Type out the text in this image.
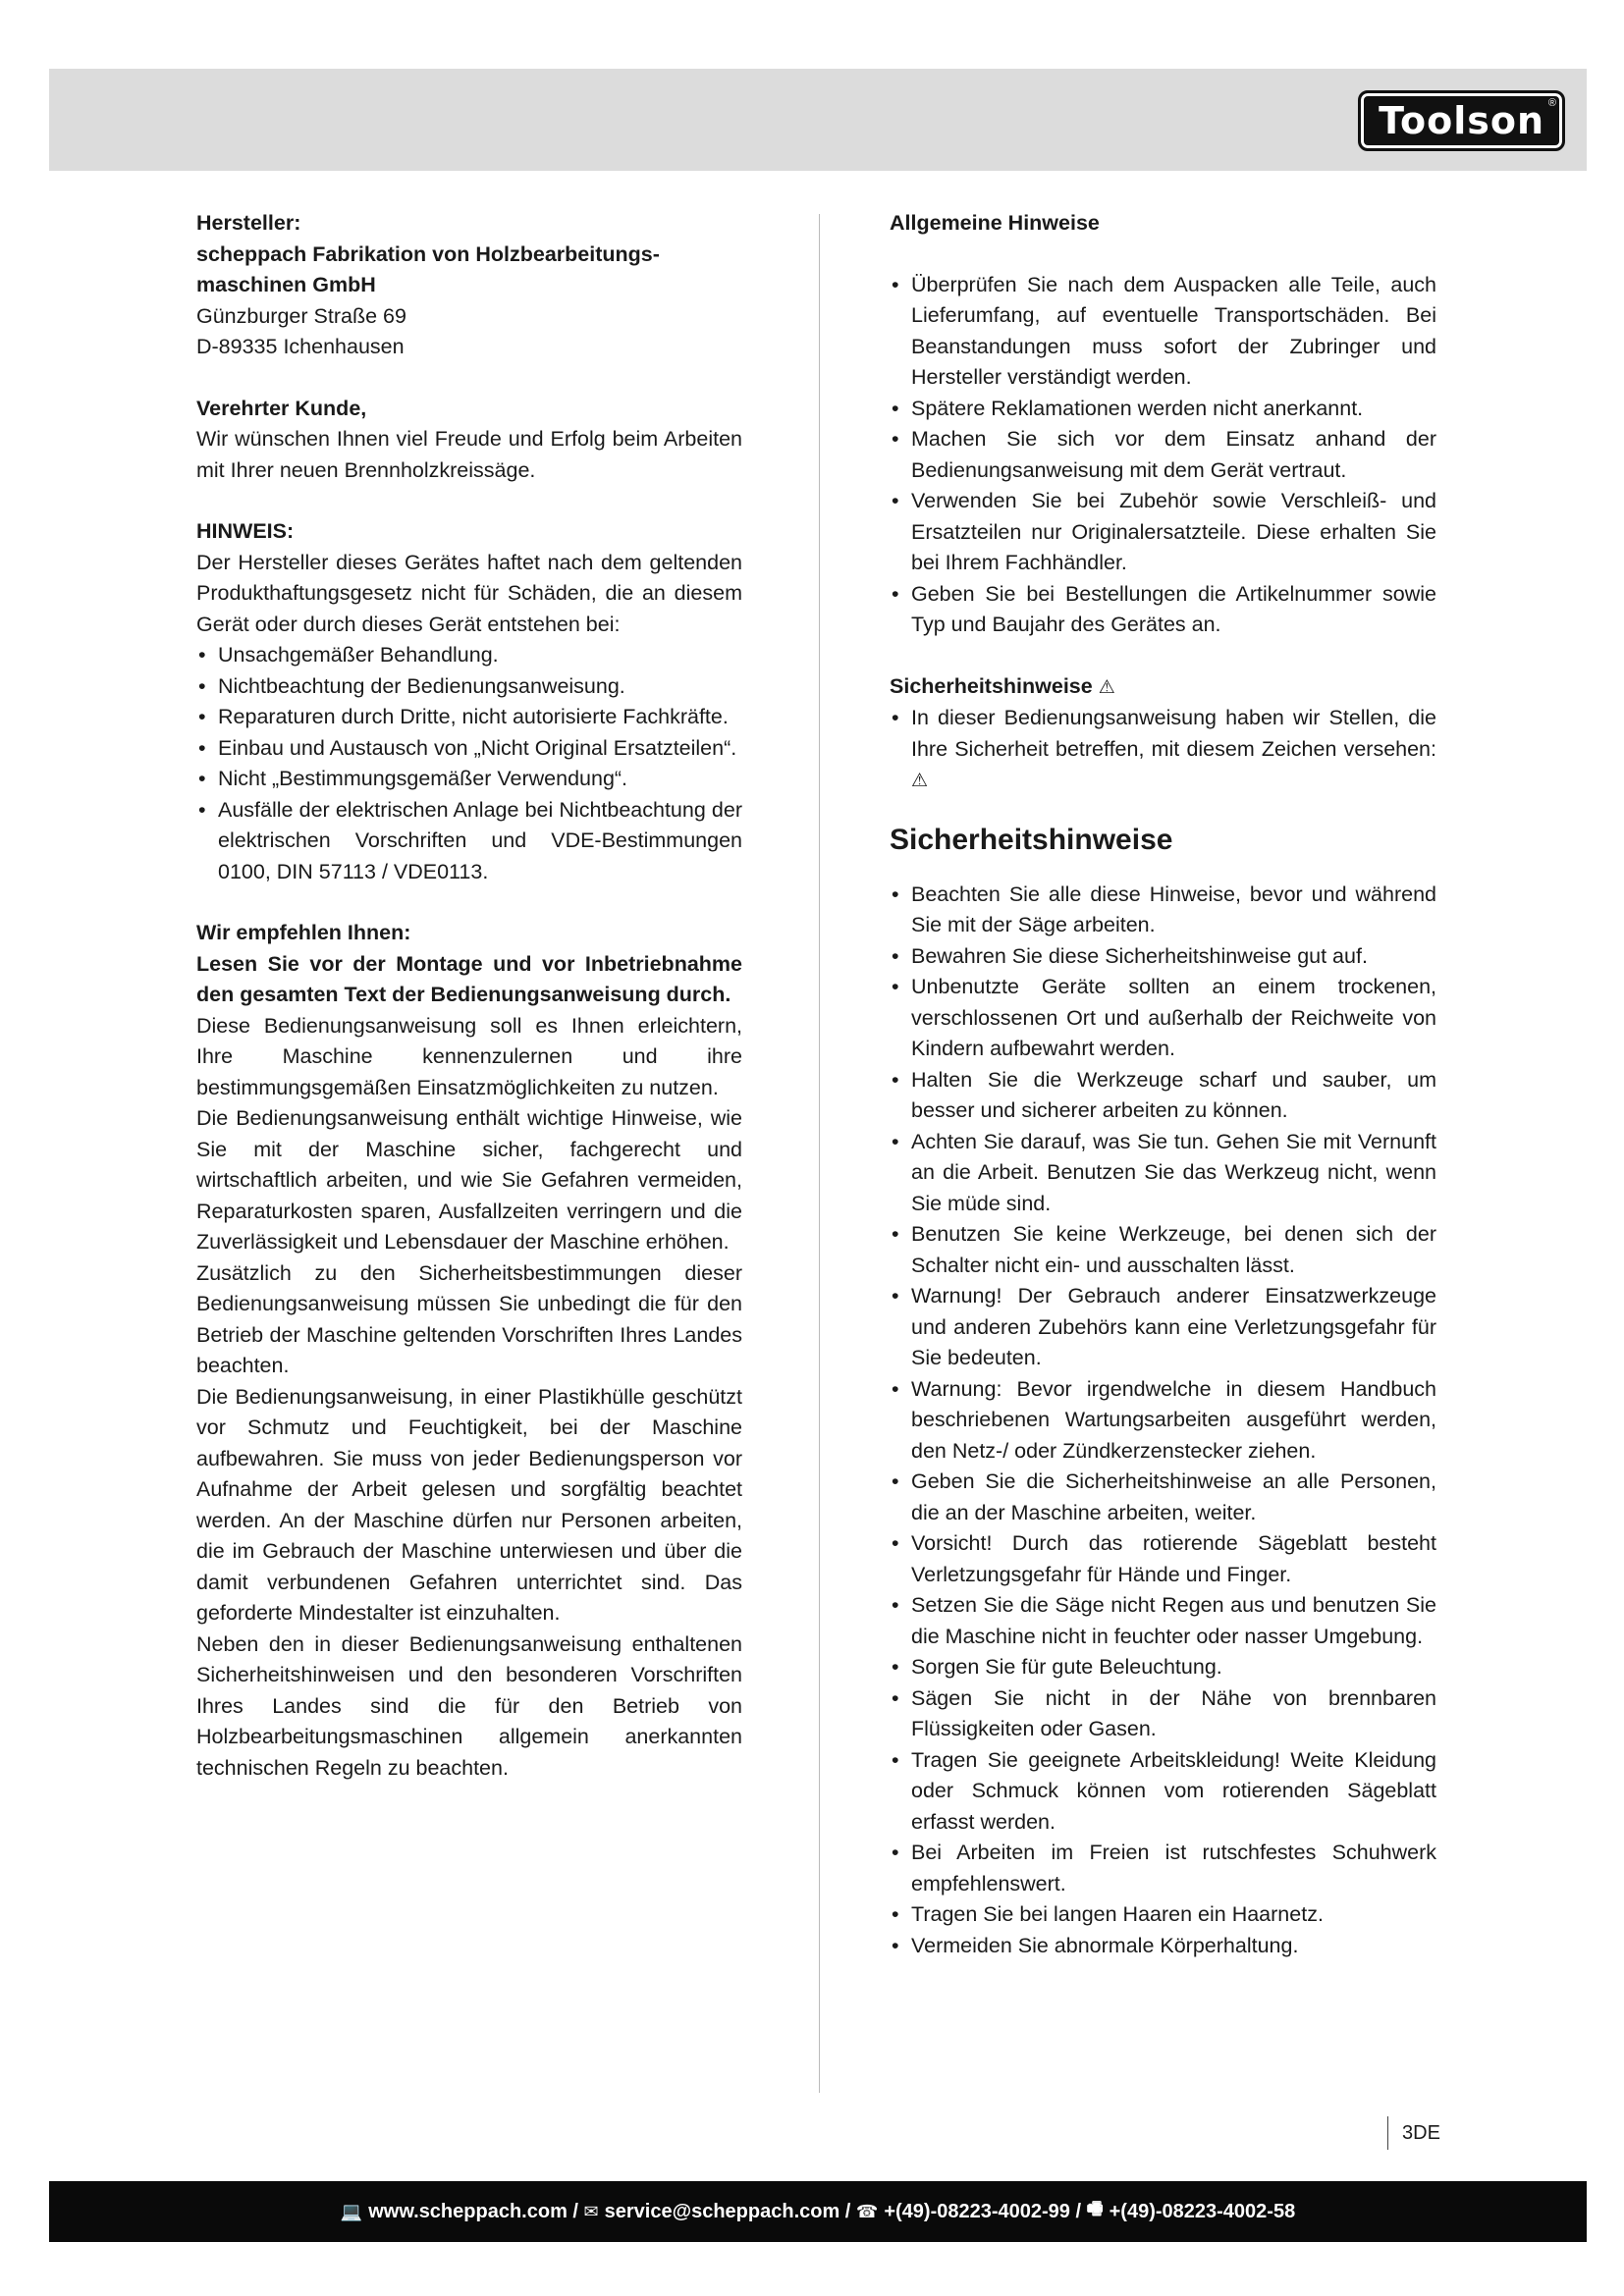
Toolson ®

Hersteller:

scheppach Fabrikation von Holzbearbeitungs-

maschinen GmbH

Günzburger Straße 69

D-89335 Ichenhausen

Verehrter Kunde,

Wir wünschen Ihnen viel Freude und Erfolg beim Arbeiten mit Ihrer neuen Brennholzkreissäge.

HINWEIS:

Der Hersteller dieses Gerätes haftet nach dem geltenden Produkthaftungsgesetz nicht für Schäden, die an diesem Gerät oder durch dieses Gerät entstehen bei:

• Unsachgemäßer Behandlung.
• Nichtbeachtung der Bedienungsanweisung.
• Reparaturen durch Dritte, nicht autorisierte Fachkräfte.
• Einbau und Austausch von „Nicht Original Ersatzteilen“.
• Nicht „Bestimmungsgemäßer Verwendung“.
• Ausfälle der elektrischen Anlage bei Nichtbeachtung der elektrischen Vorschriften und VDE-Bestimmungen 0100, DIN 57113 / VDE0113.

Wir empfehlen Ihnen:

Lesen Sie vor der Montage und vor Inbetriebnahme den gesamten Text der Bedienungsanweisung durch.

Diese Bedienungsanweisung soll es Ihnen erleichtern, Ihre Maschine kennenzulernen und ihre bestimmungsgemäßen Einsatzmöglichkeiten zu nutzen.

Die Bedienungsanweisung enthält wichtige Hinweise, wie Sie mit der Maschine sicher, fachgerecht und wirtschaftlich arbeiten, und wie Sie Gefahren vermeiden, Reparaturkosten sparen, Ausfallzeiten verringern und die Zuverlässigkeit und Lebensdauer der Maschine erhöhen.

Zusätzlich zu den Sicherheitsbestimmungen dieser Bedienungsanweisung müssen Sie unbedingt die für den Betrieb der Maschine geltenden Vorschriften Ihres Landes beachten.

Die Bedienungsanweisung, in einer Plastikhülle geschützt vor Schmutz und Feuchtigkeit, bei der Maschine aufbewahren. Sie muss von jeder Bedienungsperson vor Aufnahme der Arbeit gelesen und sorgfältig beachtet werden. An der Maschine dürfen nur Personen arbeiten, die im Gebrauch der Maschine unterwiesen und über die damit verbundenen Gefahren unterrichtet sind. Das geforderte Mindestalter ist einzuhalten.

Neben den in dieser Bedienungsanweisung enthaltenen Sicherheitshinweisen und den besonderen Vorschriften Ihres Landes sind die für den Betrieb von Holzbearbeitungsmaschinen allgemein anerkannten technischen Regeln zu beachten.

Allgemeine Hinweise

• Überprüfen Sie nach dem Auspacken alle Teile, auch Lieferumfang, auf eventuelle Transportschäden. Bei Beanstandungen muss sofort der Zubringer und Hersteller verständigt werden.
• Spätere Reklamationen werden nicht anerkannt.
• Machen Sie sich vor dem Einsatz anhand der Bedienungsanweisung mit dem Gerät vertraut.
• Verwenden Sie bei Zubehör sowie Verschleiß- und Ersatzteilen nur Originalersatzteile. Diese erhalten Sie bei Ihrem Fachhändler.
• Geben Sie bei Bestellungen die Artikelnummer sowie Typ und Baujahr des Gerätes an.

Sicherheitshinweise ⚠

• In dieser Bedienungsanweisung haben wir Stellen, die Ihre Sicherheit betreffen, mit diesem Zeichen versehen: ⚠
Sicherheitshinweise
• Beachten Sie alle diese Hinweise, bevor und während Sie mit der Säge arbeiten.
• Bewahren Sie diese Sicherheitshinweise gut auf.
• Unbenutzte Geräte sollten an einem trockenen, verschlossenen Ort und außerhalb der Reichweite von Kindern aufbewahrt werden.
• Halten Sie die Werkzeuge scharf und sauber, um besser und sicherer arbeiten zu können.
• Achten Sie darauf, was Sie tun. Gehen Sie mit Vernunft an die Arbeit. Benutzen Sie das Werkzeug nicht, wenn Sie müde sind.
• Benutzen Sie keine Werkzeuge, bei denen sich der Schalter nicht ein- und ausschalten lässt.
• Warnung! Der Gebrauch anderer Einsatzwerkzeuge und anderen Zubehörs kann eine Verletzungsgefahr für Sie bedeuten.
• Warnung: Bevor irgendwelche in diesem Handbuch beschriebenen Wartungsarbeiten ausgeführt werden, den Netz-/ oder Zündkerzenstecker ziehen.
• Geben Sie die Sicherheitshinweise an alle Personen, die an der Maschine arbeiten, weiter.
• Vorsicht! Durch das rotierende Sägeblatt besteht Verletzungsgefahr für Hände und Finger.
• Setzen Sie die Säge nicht Regen aus und benutzen Sie die Maschine nicht in feuchter oder nasser Umgebung.
• Sorgen Sie für gute Beleuchtung.
• Sägen Sie nicht in der Nähe von brennbaren Flüssigkeiten oder Gasen.
• Tragen Sie geeignete Arbeitskleidung! Weite Kleidung oder Schmuck können vom rotierenden Sägeblatt erfasst werden.
• Bei Arbeiten im Freien ist rutschfestes Schuhwerk empfehlenswert.
• Tragen Sie bei langen Haaren ein Haarnetz.
• Vermeiden Sie abnormale Körperhaltung.
3DE
💻 www.scheppach.com / ✉ service@scheppach.com / ☎ +(49)-08223-4002-99 / 🖷 +(49)-08223-4002-58
